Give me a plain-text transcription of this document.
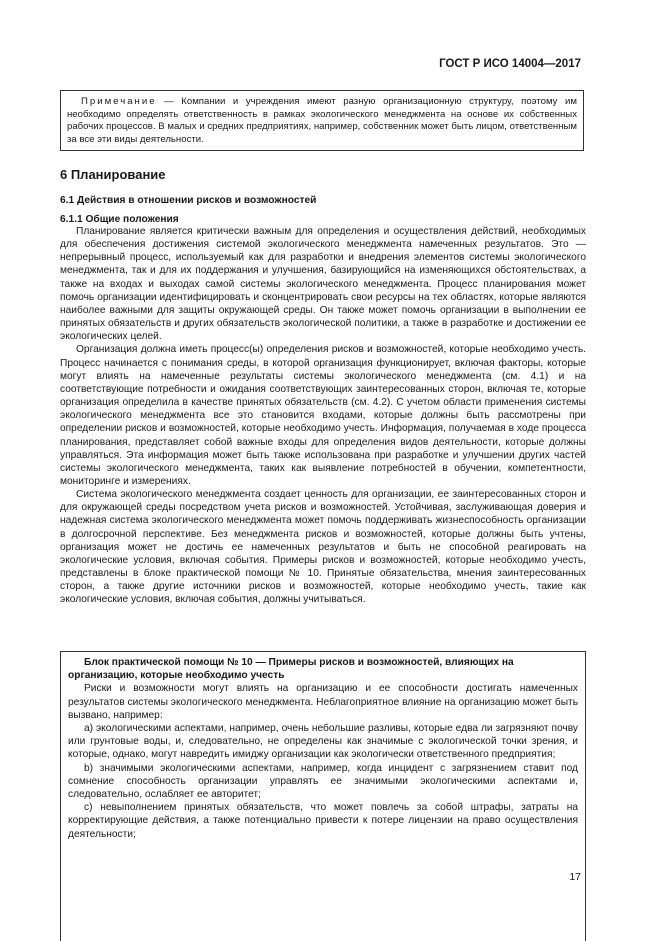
ГОСТ Р ИСО 14004—2017

Примечание — Компании и учреждения имеют разную организационную структуру, поэтому им необходимо определять ответственность в рамках экологического менеджмента на основе их собственных рабочих процессов. В малых и средних предприятиях, например, собственник может быть лицом, ответственным за все эти виды деятельности.

6 Планирование
6.1 Действия в отношении рисков и возможностей
6.1.1 Общие положения

Планирование является критически важным для определения и осуществления действий, необходимых для обеспечения достижения системой экологического менеджмента намеченных результатов. Это — непрерывный процесс, используемый как для разработки и внедрения элементов системы экологического менеджмента, так и для их поддержания и улучшения, базирующийся на изменяющихся обстоятельствах, а также на входах и выходах самой системы экологического менеджмента. Процесс планирования может помочь организации идентифицировать и сконцентрировать свои ресурсы на тех областях, которые являются наиболее важными для защиты окружающей среды. Он также может помочь организации в выполнении ее принятых обязательств и других обязательств экологической политики, а также в разработке и достижении ее экологических целей.

Организация должна иметь процесс(ы) определения рисков и возможностей, которые необходимо учесть. Процесс начинается с понимания среды, в которой организация функционирует, включая факторы, которые могут влиять на намеченные результаты системы экологического менеджмента (см. 4.1) и на соответствующие потребности и ожидания соответствующих заинтересованных сторон, включая те, которые организация определила в качестве принятых обязательств (см. 4.2). С учетом области применения системы экологического менеджмента все это становится входами, которые должны быть рассмотрены при определении рисков и возможностей, которые необходимо учесть. Информация, получаемая в ходе процесса планирования, представляет собой важные входы для определения видов деятельности, которые должны управляться. Эта информация может быть также использована при разработке и улучшении других частей системы экологического менеджмента, таких как выявление потребностей в обучении, компетентности, мониторинге и измерениях.

Система экологического менеджмента создает ценность для организации, ее заинтересованных сторон и для окружающей среды посредством учета рисков и возможностей. Устойчивая, заслуживающая доверия и надежная система экологического менеджмента может помочь поддерживать жизнеспособность организации в долгосрочной перспективе. Без менеджмента рисков и возможностей, которые должны быть учтены, организация может не достичь ее намеченных результатов и быть не способной реагировать на экологические условия, включая события. Примеры рисков и возможностей, которые необходимо учесть, представлены в блоке практической помощи № 10. Принятые обязательства, мнения заинтересованных сторон, а также другие источники рисков и возможностей, которые необходимо учесть, такие как экологические условия, включая события, должны учитываться.

Блок практической помощи № 10 — Примеры рисков и возможностей, влияющих на организацию, которые необходимо учесть

Риски и возможности могут влиять на организацию и ее способности достигать намеченных результатов системы экологического менеджмента. Неблагоприятное влияние на организацию может быть вызвано, например:

а) экологическими аспектами, например, очень небольшие разливы, которые едва ли загрязняют почву или грунтовые воды, и, следовательно, не определены как значимые с экологической точки зрения, и которые, однако, могут навредить имиджу организации как экологически ответственного предприятия;

b) значимыми экологическими аспектами, например, когда инцидент с загрязнением ставит под сомнение способность организации управлять ее значимыми экологическими аспектами и, следовательно, ослабляет ее авторитет;

c) невыполнением принятых обязательств, что может повлечь за собой штрафы, затраты на корректирующие действия, а также потенциально привести к потере лицензии на право осуществления деятельности;

17
